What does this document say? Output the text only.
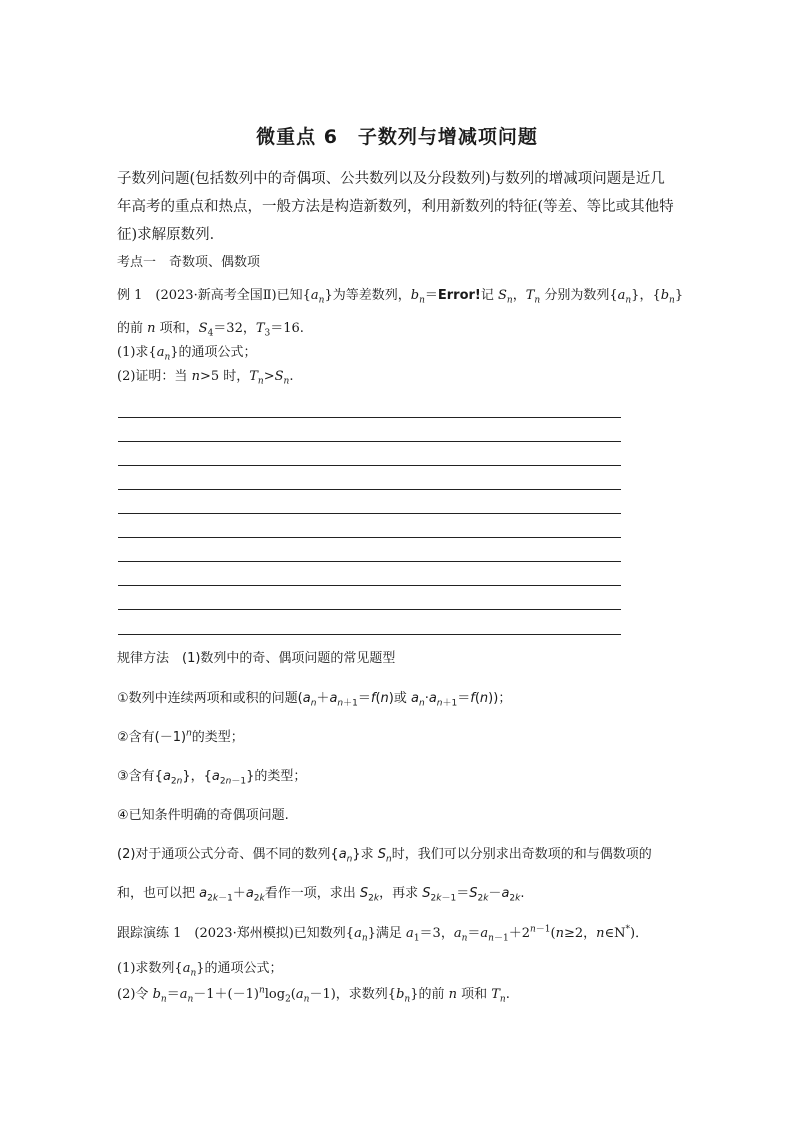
微重点 6　子数列与增减项问题
子数列问题(包括数列中的奇偶项、公共数列以及分段数列)与数列的增减项问题是近几年高考的重点和热点，一般方法是构造新数列，利用新数列的特征(等差、等比或其他特征)求解原数列．
考点一　奇数项、偶数项
例 1　 (2023·新高考全国Ⅱ)已知$\{a_n\}$为等差数列，$b_n=Error$!记 $S_n$，$T_n$ 分别为数列$\{a_n\}$，$\{b_n\}$
的前 n 项和，$S_4=32$，$T_3=16$.
(1)求$\{a_n\}$的通项公式；
(2)证明：当 n>5 时，$T_n>S_n$.
规律方法　(1)数列中的奇、偶项问题的常见题型
①数列中连续两项和或积的问题($a_n+a_{n+1}=f(n)$或 $a_n\cdot a_{n+1}=f(n)$)；
②含有$(-1)^n$的类型；
③含有$\{a_{2n}\}$，$\{a_{2n-1}\}$的类型；
④已知条件明确的奇偶项问题.
(2)对于通项公式分奇、偶不同的数列$\{a_n\}$求 $S_n$时，我们可以分别求出奇数项的和与偶数项的
和，也可以把 $a_{2k-1}+a_{2k}$看作一项，求出 $S_{2k}$，再求 $S_{2k-1}=S_{2k}-a_{2k}$.
跟踪演练 1　 (2023·郑州模拟)已知数列$\{a_n\}$满足 $a_1=3$，$a_n=a_{n-1}+2^{n-1}(n\ge 2$，n∈N*)．
(1)求数列$\{a_n\}$的通项公式；
(2)令 $b_n=a_n-1+(-1)^n\log_2(a_n-1)$，求数列$\{b_n\}$的前 n 项和 $T_n$.
